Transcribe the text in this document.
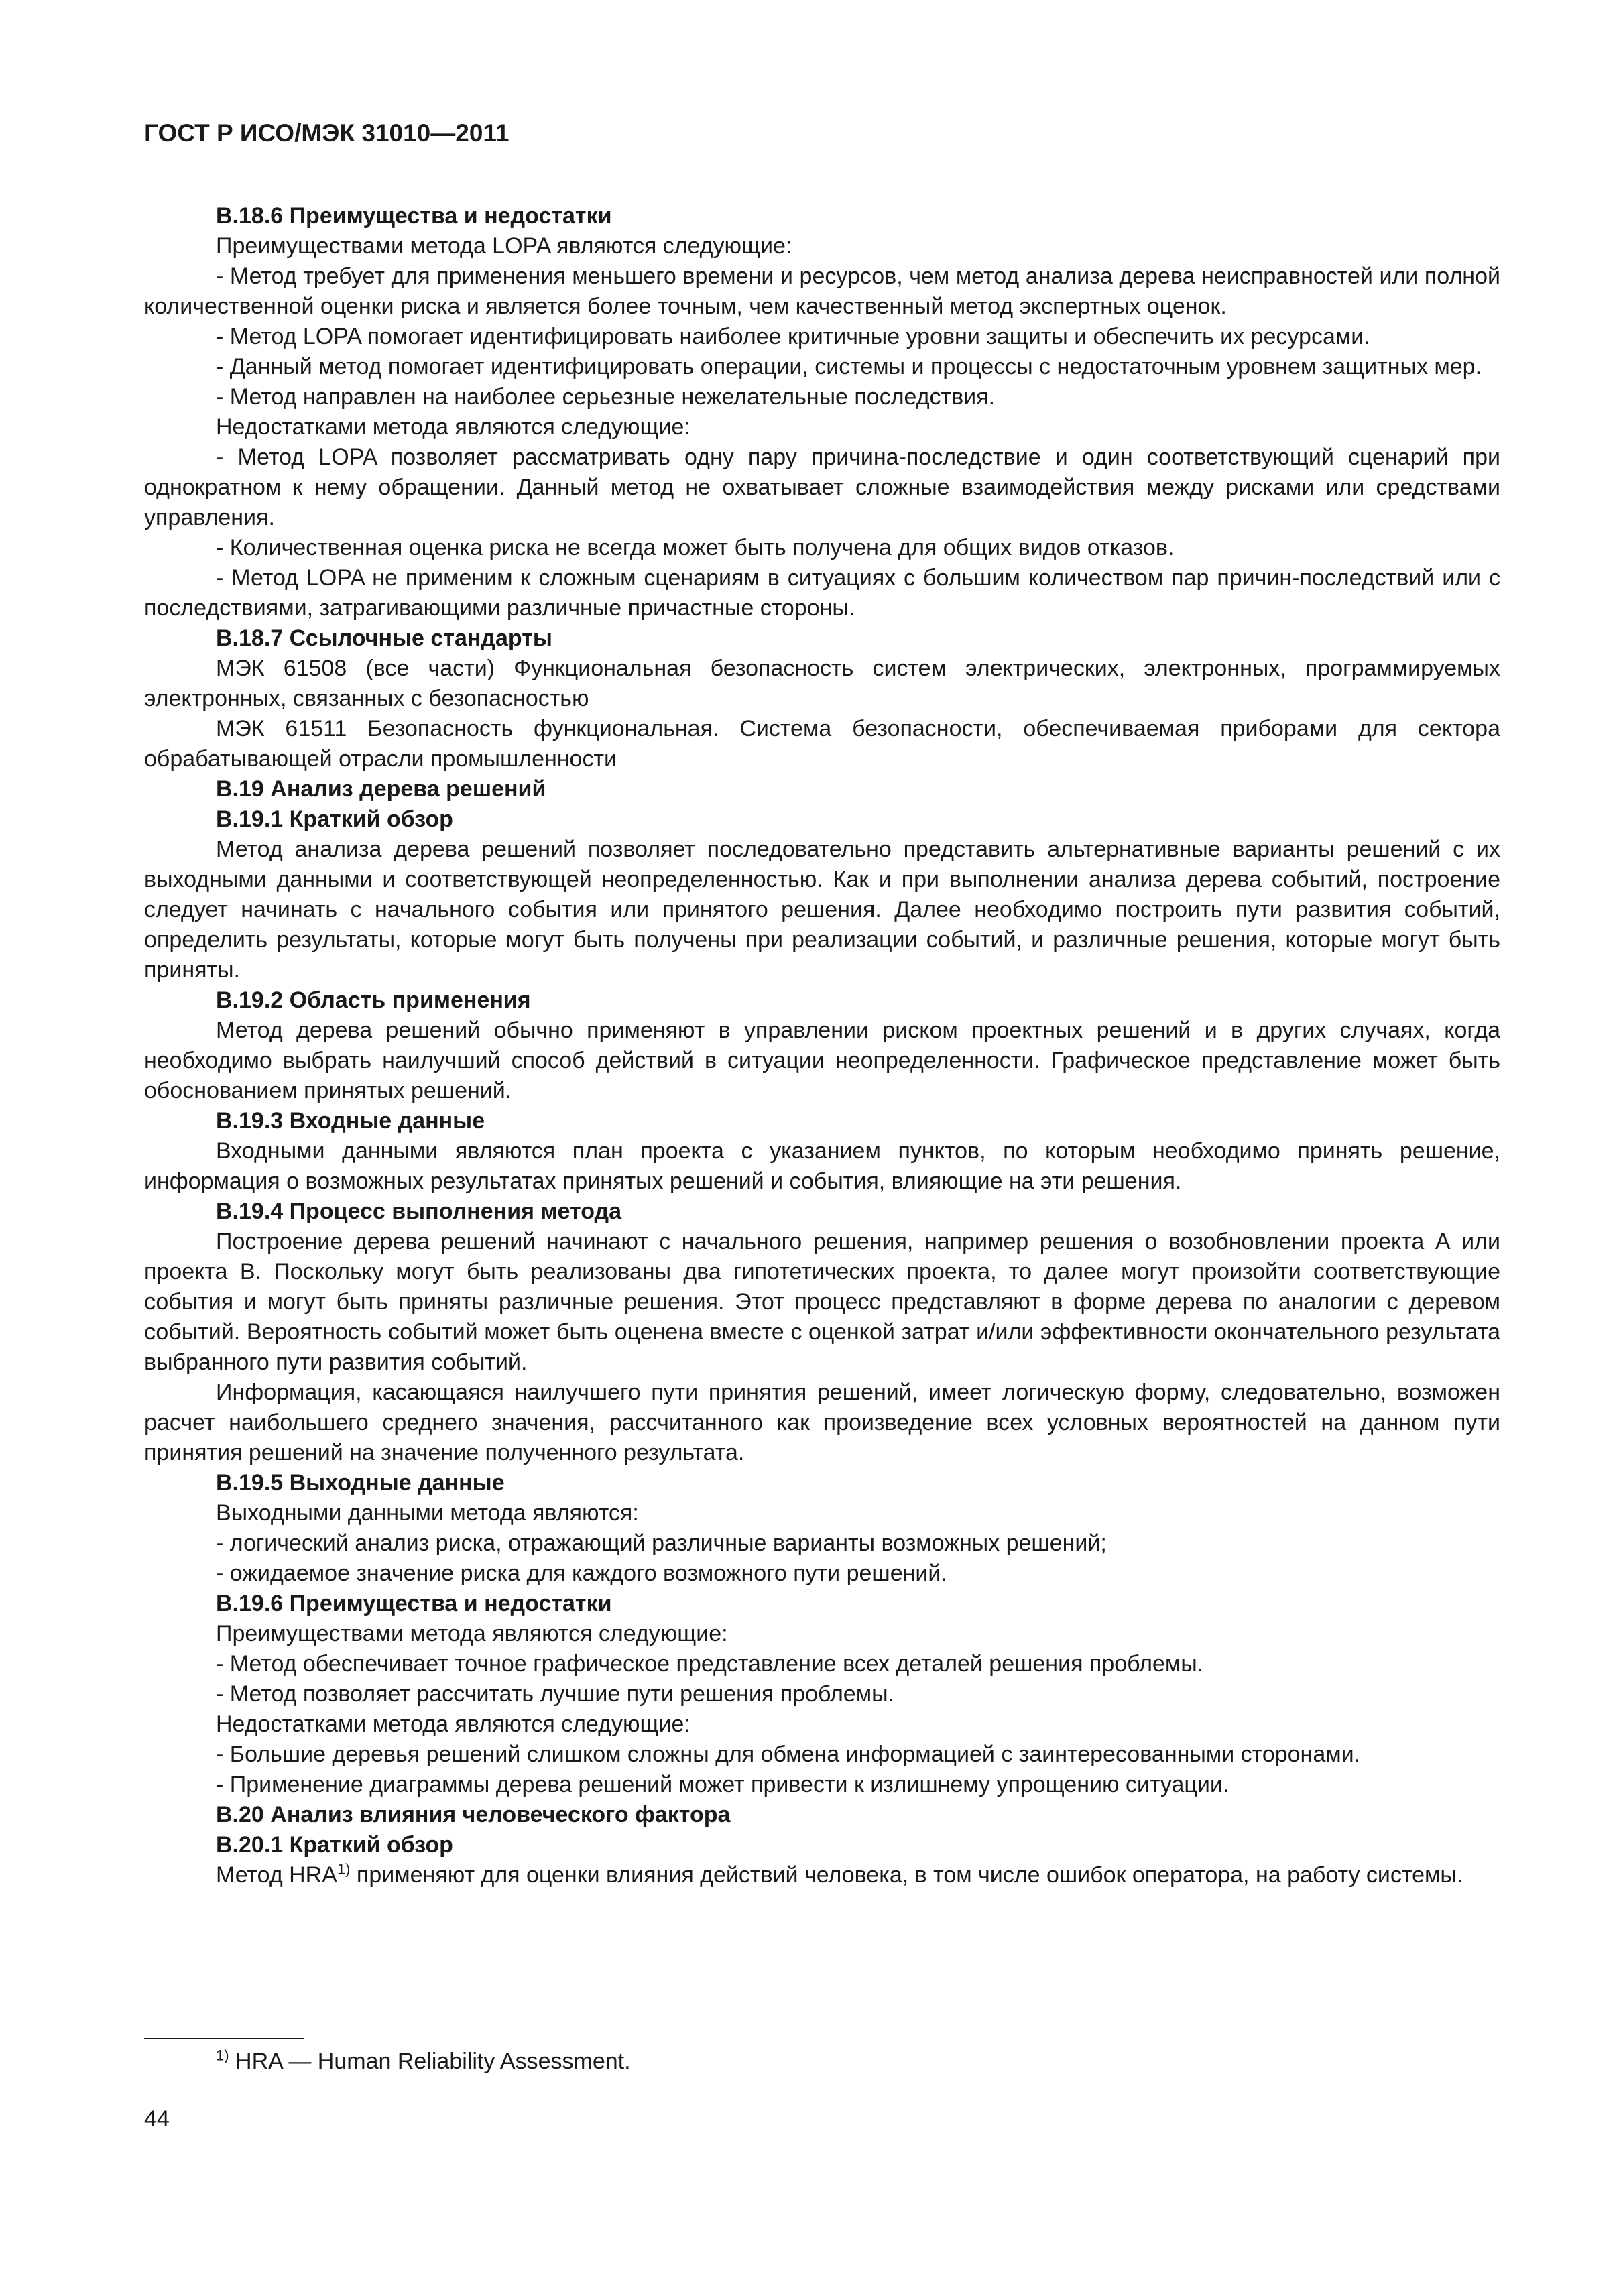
ГОСТ Р ИСО/МЭК 31010—2011

B.18.6 Преимущества и недостатки

Преимуществами метода LOPA являются следующие:

- Метод требует для применения меньшего времени и ресурсов, чем метод анализа дерева неисправностей или полной количественной оценки риска и является более точным, чем качественный метод экспертных оценок.

- Метод LOPA помогает идентифицировать наиболее критичные уровни защиты и обеспечить их ресурсами.

- Данный метод помогает идентифицировать операции, системы и процессы с недостаточным уровнем защитных мер.

- Метод направлен на наиболее серьезные нежелательные последствия.

Недостатками метода являются следующие:

- Метод LOPA позволяет рассматривать одну пару причина-последствие и один соответствующий сценарий при однократном к нему обращении. Данный метод не охватывает сложные взаимодействия между рисками или средствами управления.

- Количественная оценка риска не всегда может быть получена для общих видов отказов.

- Метод LOPA не применим к сложным сценариям в ситуациях с большим количеством пар причин-последствий или с последствиями, затрагивающими различные причастные стороны.

B.18.7 Ссылочные стандарты

МЭК 61508 (все части) Функциональная безопасность систем электрических, электронных, программируемых электронных, связанных с безопасностью

МЭК 61511 Безопасность функциональная. Система безопасности, обеспечиваемая приборами для сектора обрабатывающей отрасли промышленности

B.19 Анализ дерева решений

B.19.1 Краткий обзор

Метод анализа дерева решений позволяет последовательно представить альтернативные варианты решений с их выходными данными и соответствующей неопределенностью. Как и при выполнении анализа дерева событий, построение следует начинать с начального события или принятого решения. Далее необходимо построить пути развития событий, определить результаты, которые могут быть получены при реализации событий, и различные решения, которые могут быть приняты.

B.19.2 Область применения

Метод дерева решений обычно применяют в управлении риском проектных решений и в других случаях, когда необходимо выбрать наилучший способ действий в ситуации неопределенности. Графическое представление может быть обоснованием принятых решений.

B.19.3 Входные данные

Входными данными являются план проекта с указанием пунктов, по которым необходимо принять решение, информация о возможных результатах принятых решений и события, влияющие на эти решения.

B.19.4 Процесс выполнения метода

Построение дерева решений начинают с начального решения, например решения о возобновлении проекта А или проекта В. Поскольку могут быть реализованы два гипотетических проекта, то далее могут произойти соответствующие события и могут быть приняты различные решения. Этот процесс представляют в форме дерева по аналогии с деревом событий. Вероятность событий может быть оценена вместе с оценкой затрат и/или эффективности окончательного результата выбранного пути развития событий.

Информация, касающаяся наилучшего пути принятия решений, имеет логическую форму, следовательно, возможен расчет наибольшего среднего значения, рассчитанного как произведение всех условных вероятностей на данном пути принятия решений на значение полученного результата.

B.19.5 Выходные данные

Выходными данными метода являются:

- логический анализ риска, отражающий различные варианты возможных решений;

- ожидаемое значение риска для каждого возможного пути решений.

B.19.6 Преимущества и недостатки

Преимуществами метода являются следующие:

- Метод обеспечивает точное графическое представление всех деталей решения проблемы.

- Метод позволяет рассчитать лучшие пути решения проблемы.

Недостатками метода являются следующие:

- Большие деревья решений слишком сложны для обмена информацией с заинтересованными сторонами.

- Применение диаграммы дерева решений может привести к излишнему упрощению ситуации.

B.20 Анализ влияния человеческого фактора

B.20.1 Краткий обзор

Метод HRA$^{1)}$ применяют для оценки влияния действий человека, в том числе ошибок оператора, на работу системы.

$^{1)}$ HRA — Human Reliability Assessment.
44
